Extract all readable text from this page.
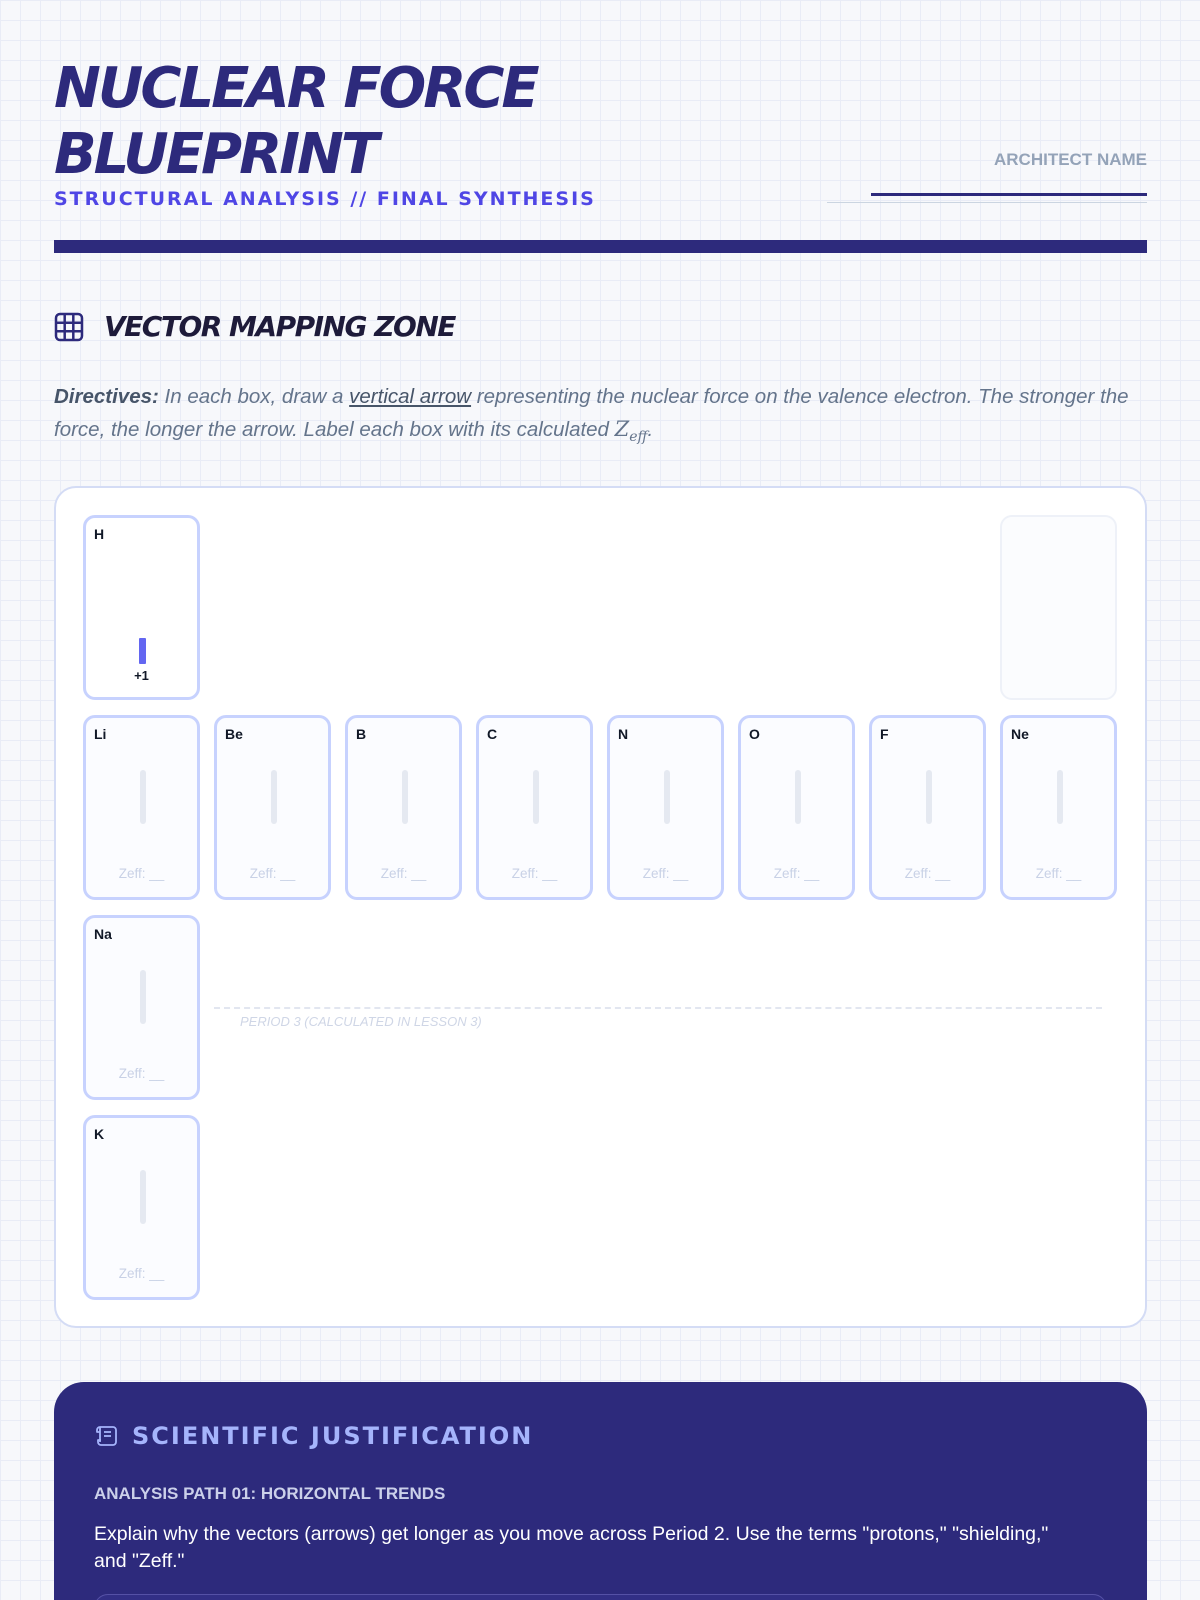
NUCLEAR FORCE BLUEPRINT
STRUCTURAL ANALYSIS // FINAL SYNTHESIS
ARCHITECT NAME
VECTOR MAPPING ZONE

Directives: In each box, draw a vertical arrow representing the nuclear force on the valence electron. The stronger the force, the longer the arrow. Label each box with its calculated $Z_{eff}$.

H
+1
Li
Zeff: __
Be
Zeff: __
B
Zeff: __
C
Zeff: __
N
Zeff: __
O
Zeff: __
F
Zeff: __
Ne
Zeff: __
Na
Zeff: __
PERIOD 3 (CALCULATED IN LESSON 3)
K
Zeff: __
SCIENTIFIC JUSTIFICATION
ANALYSIS PATH 01: HORIZONTAL TRENDS

Explain why the vectors (arrows) get longer as you move across Period 2. Use the terms "protons," "shielding," and "Zeff."
